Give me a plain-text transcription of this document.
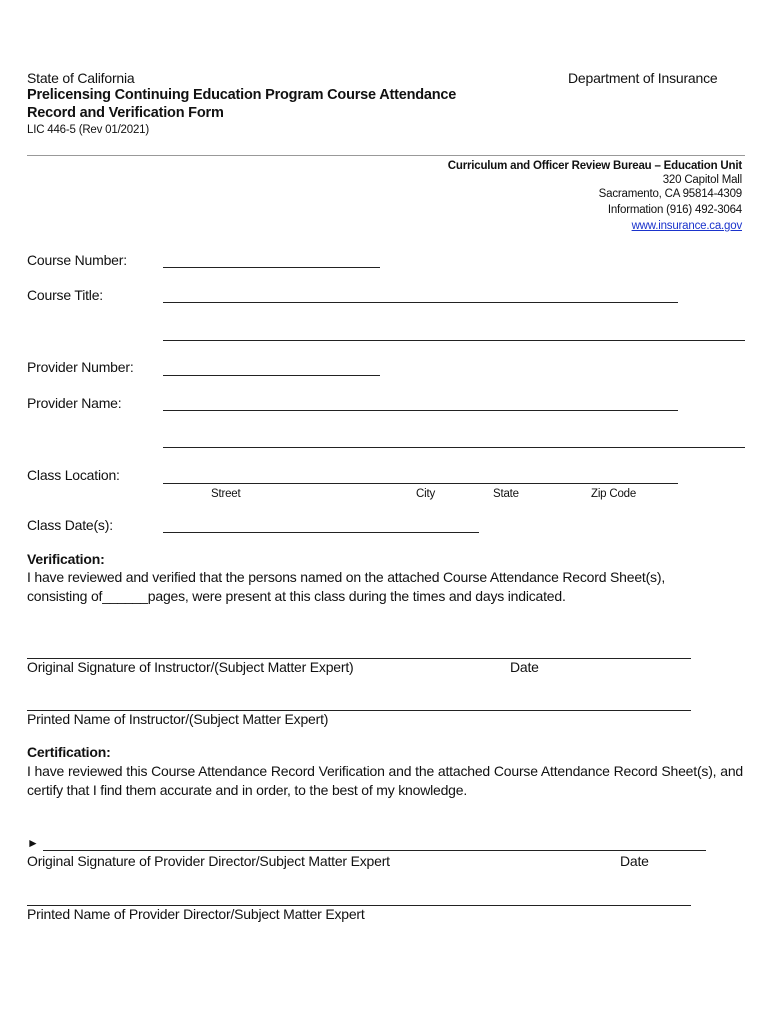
State of California	Department of Insurance
Prelicensing Continuing Education Program Course Attendance
Record and Verification Form
LIC 446-5 (Rev 01/2021)
Curriculum and Officer Review Bureau – Education Unit
320 Capitol Mall
Sacramento, CA 95814-4309
Information (916) 492-3064
www.insurance.ca.gov
Course Number:
Course Title:
Provider Number:
Provider Name:
Class Location:
Street	City	State	Zip Code
Class Date(s):
Verification:
I have reviewed and verified that the persons named on the attached Course Attendance Record Sheet(s),
consisting of______pages, were present at this class during the times and days indicated.
Original Signature of Instructor/(Subject Matter Expert)	Date
Printed Name of Instructor/(Subject Matter Expert)
Certification:
I have reviewed this Course Attendance Record Verification and the attached Course Attendance Record Sheet(s), and certify that I find them accurate and in order, to the best of my knowledge.
►
Original Signature of Provider Director/Subject Matter Expert	Date
Printed Name of Provider Director/Subject Matter Expert
